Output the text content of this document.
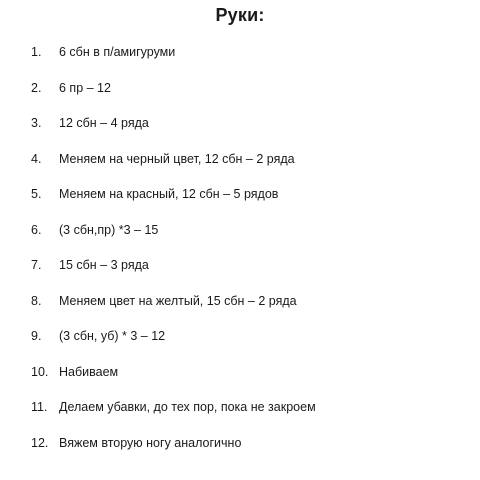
Руки:
1. 6 сбн в п/амигуруми
2. 6 пр – 12
3. 12 сбн – 4 ряда
4. Меняем на черный цвет, 12 сбн – 2 ряда
5. Меняем на красный, 12 сбн – 5 рядов
6. (3 сбн,пр) *3 – 15
7. 15 сбн – 3 ряда
8. Меняем цвет на желтый, 15 сбн – 2 ряда
9. (3 сбн, уб) * 3 – 12
10. Набиваем
11. Делаем убавки, до тех пор, пока не закроем
12. Вяжем вторую ногу аналогично
